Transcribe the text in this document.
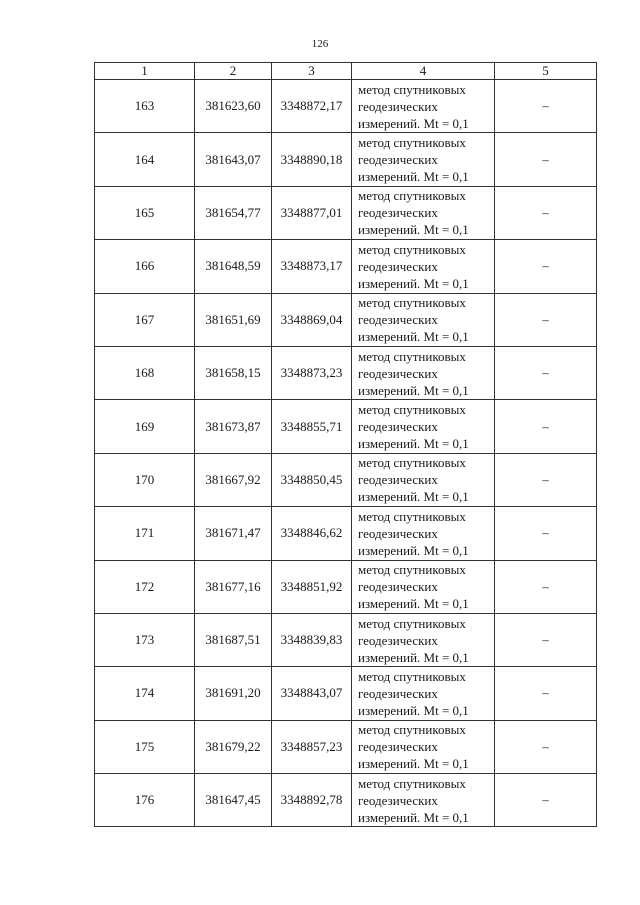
126
1	2	3	4	5
163	381623,60	3348872,17	метод спутниковых
геодезических
измерений. Mt = 0,1	–
164	381643,07	3348890,18	метод спутниковых
геодезических
измерений. Mt = 0,1	–
165	381654,77	3348877,01	метод спутниковых
геодезических
измерений. Mt = 0,1	–
166	381648,59	3348873,17	метод спутниковых
геодезических
измерений. Mt = 0,1	–
167	381651,69	3348869,04	метод спутниковых
геодезических
измерений. Mt = 0,1	–
168	381658,15	3348873,23	метод спутниковых
геодезических
измерений. Mt = 0,1	–
169	381673,87	3348855,71	метод спутниковых
геодезических
измерений. Mt = 0,1	–
170	381667,92	3348850,45	метод спутниковых
геодезических
измерений. Mt = 0,1	–
171	381671,47	3348846,62	метод спутниковых
геодезических
измерений. Mt = 0,1	–
172	381677,16	3348851,92	метод спутниковых
геодезических
измерений. Mt = 0,1	–
173	381687,51	3348839,83	метод спутниковых
геодезических
измерений. Mt = 0,1	–
174	381691,20	3348843,07	метод спутниковых
геодезических
измерений. Mt = 0,1	–
175	381679,22	3348857,23	метод спутниковых
геодезических
измерений. Mt = 0,1	–
176	381647,45	3348892,78	метод спутниковых
геодезических
измерений. Mt = 0,1	–
